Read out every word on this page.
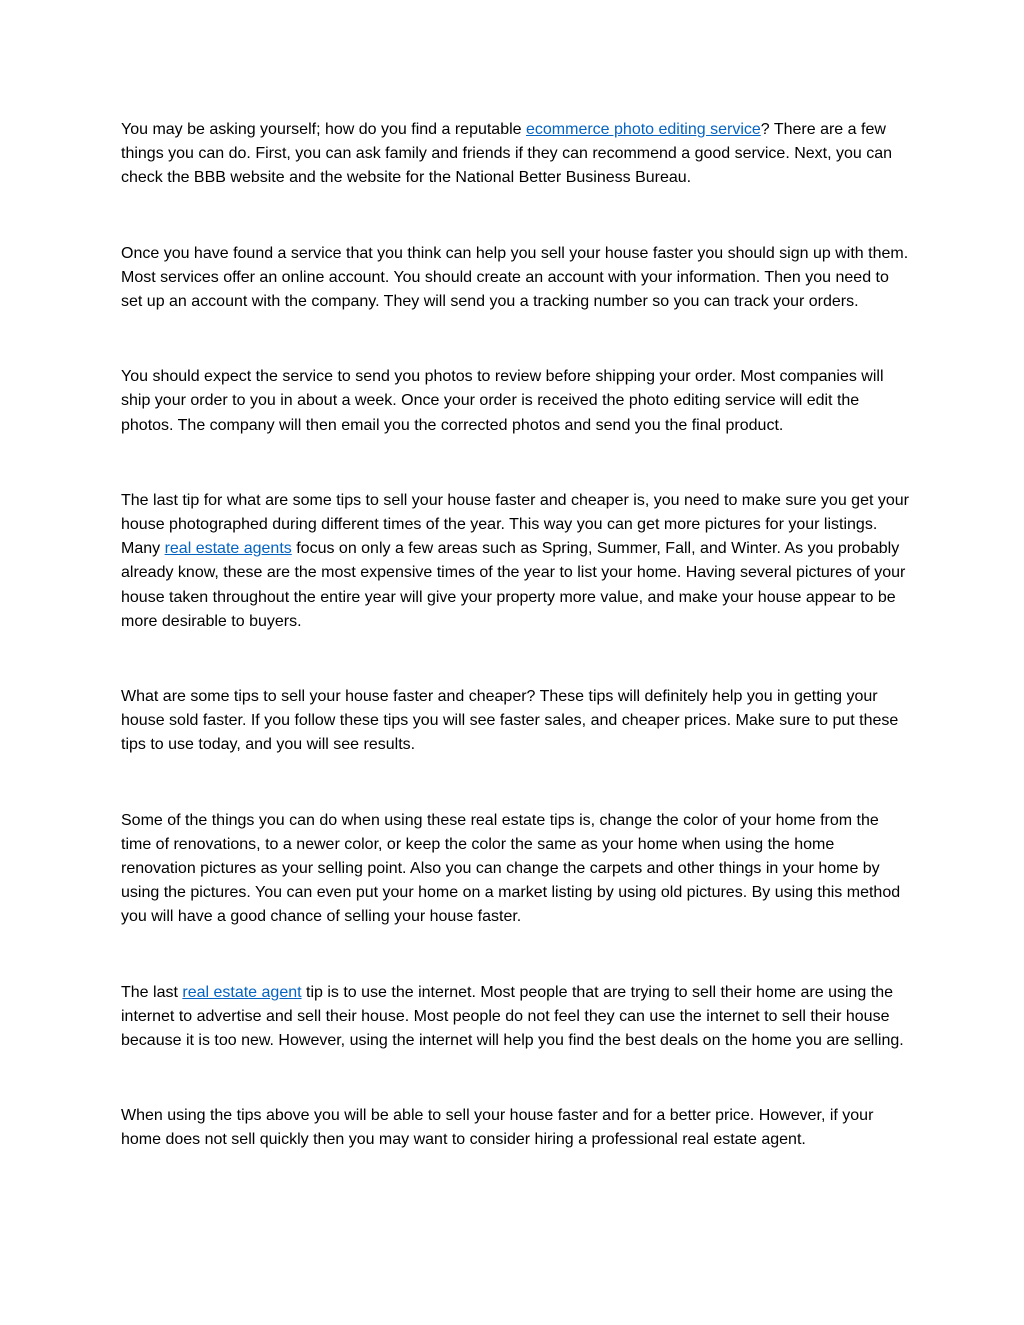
You may be asking yourself; how do you find a reputable ecommerce photo editing service? There are a few things you can do. First, you can ask family and friends if they can recommend a good service. Next, you can check the BBB website and the website for the National Better Business Bureau.

Once you have found a service that you think can help you sell your house faster you should sign up with them. Most services offer an online account. You should create an account with your information. Then you need to set up an account with the company. They will send you a tracking number so you can track your orders.

You should expect the service to send you photos to review before shipping your order. Most companies will ship your order to you in about a week. Once your order is received the photo editing service will edit the photos. The company will then email you the corrected photos and send you the final product.

The last tip for what are some tips to sell your house faster and cheaper is, you need to make sure you get your house photographed during different times of the year. This way you can get more pictures for your listings. Many real estate agents focus on only a few areas such as Spring, Summer, Fall, and Winter. As you probably already know, these are the most expensive times of the year to list your home. Having several pictures of your house taken throughout the entire year will give your property more value, and make your house appear to be more desirable to buyers.

What are some tips to sell your house faster and cheaper? These tips will definitely help you in getting your house sold faster. If you follow these tips you will see faster sales, and cheaper prices. Make sure to put these tips to use today, and you will see results.

Some of the things you can do when using these real estate tips is, change the color of your home from the time of renovations, to a newer color, or keep the color the same as your home when using the home renovation pictures as your selling point. Also you can change the carpets and other things in your home by using the pictures. You can even put your home on a market listing by using old pictures. By using this method you will have a good chance of selling your house faster.

The last real estate agent tip is to use the internet. Most people that are trying to sell their home are using the internet to advertise and sell their house. Most people do not feel they can use the internet to sell their house because it is too new. However, using the internet will help you find the best deals on the home you are selling.

When using the tips above you will be able to sell your house faster and for a better price. However, if your home does not sell quickly then you may want to consider hiring a professional real estate agent.
